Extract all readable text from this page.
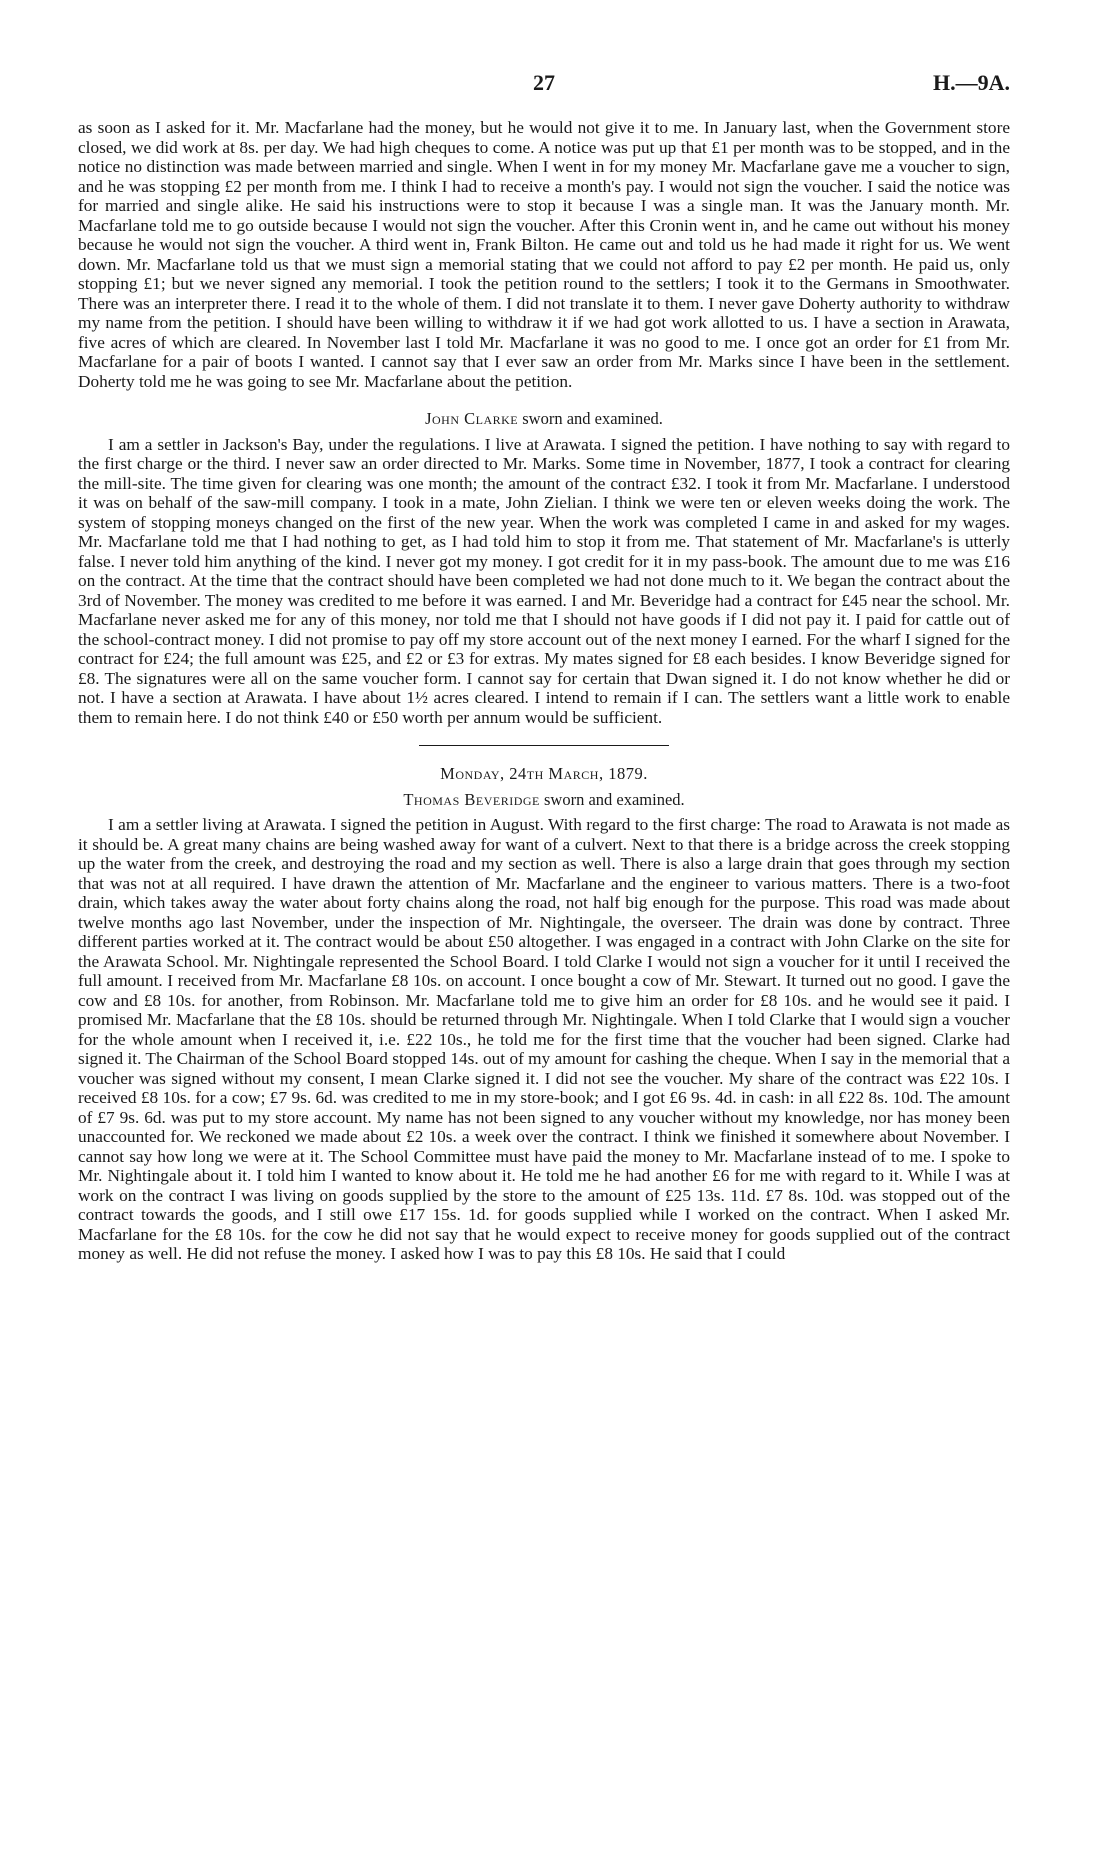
27	H.—9A.

as soon as I asked for it. Mr. Macfarlane had the money, but he would not give it to me. In January last, when the Government store closed, we did work at 8s. per day. We had high cheques to come. A notice was put up that £1 per month was to be stopped, and in the notice no distinction was made between married and single. When I went in for my money Mr. Macfarlane gave me a voucher to sign, and he was stopping £2 per month from me. I think I had to receive a month's pay. I would not sign the voucher. I said the notice was for married and single alike. He said his instructions were to stop it because I was a single man. It was the January month. Mr. Macfarlane told me to go outside because I would not sign the voucher. After this Cronin went in, and he came out without his money because he would not sign the voucher. A third went in, Frank Bilton. He came out and told us he had made it right for us. We went down. Mr. Macfarlane told us that we must sign a memorial stating that we could not afford to pay £2 per month. He paid us, only stopping £1; but we never signed any memorial. I took the petition round to the settlers; I took it to the Germans in Smoothwater. There was an interpreter there. I read it to the whole of them. I did not translate it to them. I never gave Doherty authority to withdraw my name from the petition. I should have been willing to withdraw it if we had got work allotted to us. I have a section in Arawata, five acres of which are cleared. In November last I told Mr. Macfarlane it was no good to me. I once got an order for £1 from Mr. Macfarlane for a pair of boots I wanted. I cannot say that I ever saw an order from Mr. Marks since I have been in the settlement. Doherty told me he was going to see Mr. Macfarlane about the petition.

John Clarke sworn and examined.

I am a settler in Jackson's Bay, under the regulations. I live at Arawata. I signed the petition. I have nothing to say with regard to the first charge or the third. I never saw an order directed to Mr. Marks. Some time in November, 1877, I took a contract for clearing the mill-site. The time given for clearing was one month; the amount of the contract £32. I took it from Mr. Macfarlane. I understood it was on behalf of the saw-mill company. I took in a mate, John Zielian. I think we were ten or eleven weeks doing the work. The system of stopping moneys changed on the first of the new year. When the work was completed I came in and asked for my wages. Mr. Macfarlane told me that I had nothing to get, as I had told him to stop it from me. That statement of Mr. Macfarlane's is utterly false. I never told him anything of the kind. I never got my money. I got credit for it in my pass-book. The amount due to me was £16 on the contract. At the time that the contract should have been completed we had not done much to it. We began the contract about the 3rd of November. The money was credited to me before it was earned. I and Mr. Beveridge had a contract for £45 near the school. Mr. Macfarlane never asked me for any of this money, nor told me that I should not have goods if I did not pay it. I paid for cattle out of the school-contract money. I did not promise to pay off my store account out of the next money I earned. For the wharf I signed for the contract for £24; the full amount was £25, and £2 or £3 for extras. My mates signed for £8 each besides. I know Beveridge signed for £8. The signatures were all on the same voucher form. I cannot say for certain that Dwan signed it. I do not know whether he did or not. I have a section at Arawata. I have about 1½ acres cleared. I intend to remain if I can. The settlers want a little work to enable them to remain here. I do not think £40 or £50 worth per annum would be sufficient.

Monday, 24th March, 1879.
Thomas Beveridge sworn and examined.

I am a settler living at Arawata. I signed the petition in August. With regard to the first charge: The road to Arawata is not made as it should be. A great many chains are being washed away for want of a culvert. Next to that there is a bridge across the creek stopping up the water from the creek, and destroying the road and my section as well. There is also a large drain that goes through my section that was not at all required. I have drawn the attention of Mr. Macfarlane and the engineer to various matters. There is a two-foot drain, which takes away the water about forty chains along the road, not half big enough for the purpose. This road was made about twelve months ago last November, under the inspection of Mr. Nightingale, the overseer. The drain was done by contract. Three different parties worked at it. The contract would be about £50 altogether. I was engaged in a contract with John Clarke on the site for the Arawata School. Mr. Nightingale represented the School Board. I told Clarke I would not sign a voucher for it until I received the full amount. I received from Mr. Macfarlane £8 10s. on account. I once bought a cow of Mr. Stewart. It turned out no good. I gave the cow and £8 10s. for another, from Robinson. Mr. Macfarlane told me to give him an order for £8 10s. and he would see it paid. I promised Mr. Macfarlane that the £8 10s. should be returned through Mr. Nightingale. When I told Clarke that I would sign a voucher for the whole amount when I received it, i.e. £22 10s., he told me for the first time that the voucher had been signed. Clarke had signed it. The Chairman of the School Board stopped 14s. out of my amount for cashing the cheque. When I say in the memorial that a voucher was signed without my consent, I mean Clarke signed it. I did not see the voucher. My share of the contract was £22 10s. I received £8 10s. for a cow; £7 9s. 6d. was credited to me in my store-book; and I got £6 9s. 4d. in cash: in all £22 8s. 10d. The amount of £7 9s. 6d. was put to my store account. My name has not been signed to any voucher without my knowledge, nor has money been unaccounted for. We reckoned we made about £2 10s. a week over the contract. I think we finished it somewhere about November. I cannot say how long we were at it. The School Committee must have paid the money to Mr. Macfarlane instead of to me. I spoke to Mr. Nightingale about it. I told him I wanted to know about it. He told me he had another £6 for me with regard to it. While I was at work on the contract I was living on goods supplied by the store to the amount of £25 13s. 11d. £7 8s. 10d. was stopped out of the contract towards the goods, and I still owe £17 15s. 1d. for goods supplied while I worked on the contract. When I asked Mr. Macfarlane for the £8 10s. for the cow he did not say that he would expect to receive money for goods supplied out of the contract money as well. He did not refuse the money. I asked how I was to pay this £8 10s. He said that I could
